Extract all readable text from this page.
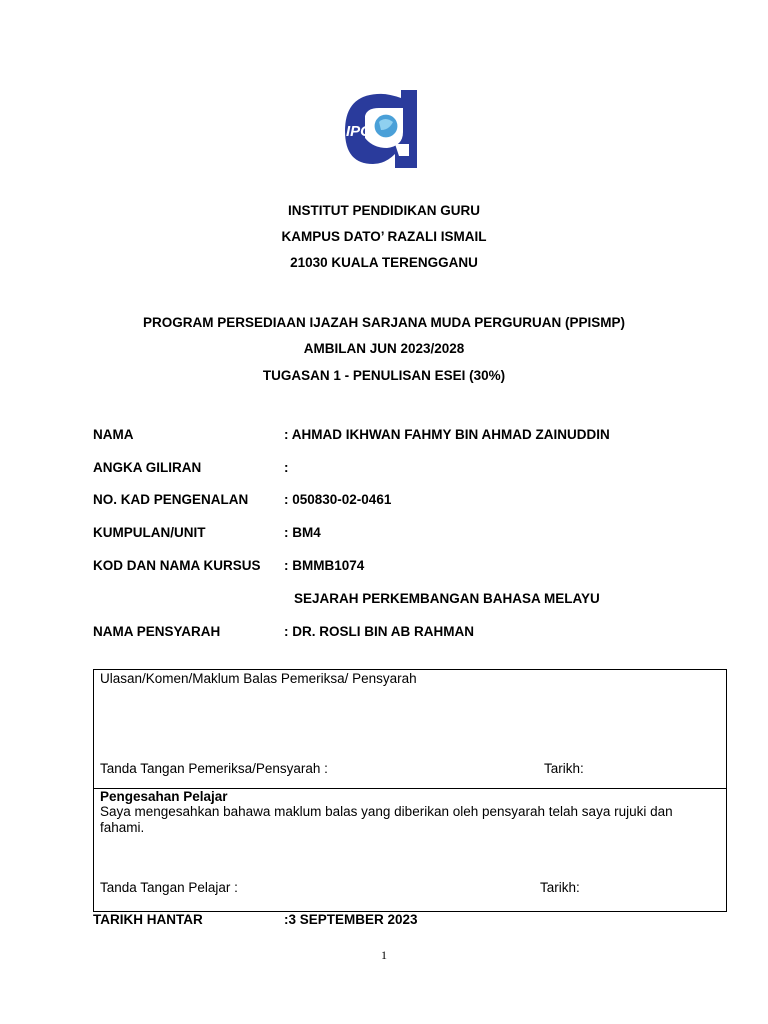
IPG
INSTITUT PENDIDIKAN GURU
KAMPUS DATO’ RAZALI ISMAIL
21030 KUALA TERENGGANU
PROGRAM PERSEDIAAN IJAZAH SARJANA MUDA PERGURUAN (PPISMP)
AMBILAN JUN 2023/2028
TUGASAN 1 - PENULISAN ESEI (30%)
NAMA	: AHMAD IKHWAN FAHMY BIN AHMAD ZAINUDDIN
ANGKA GILIRAN	:
NO. KAD PENGENALAN	: 050830-02-0461
KUMPULAN/UNIT	: BM4
KOD DAN NAMA KURSUS : BMMB1074
SEJARAH PERKEMBANGAN BAHASA MELAYU
NAMA PENSYARAH	: DR. ROSLI BIN AB RAHMAN
Ulasan/Komen/Maklum Balas Pemeriksa/ Pensyarah
Tanda Tangan Pemeriksa/Pensyarah :	Tarikh:
Pengesahan Pelajar
Saya mengesahkan bahawa maklum balas yang diberikan oleh pensyarah telah saya rujuki dan fahami.
Tanda Tangan Pelajar :	Tarikh:
TARIKH HANTAR	:3 SEPTEMBER 2023
1
